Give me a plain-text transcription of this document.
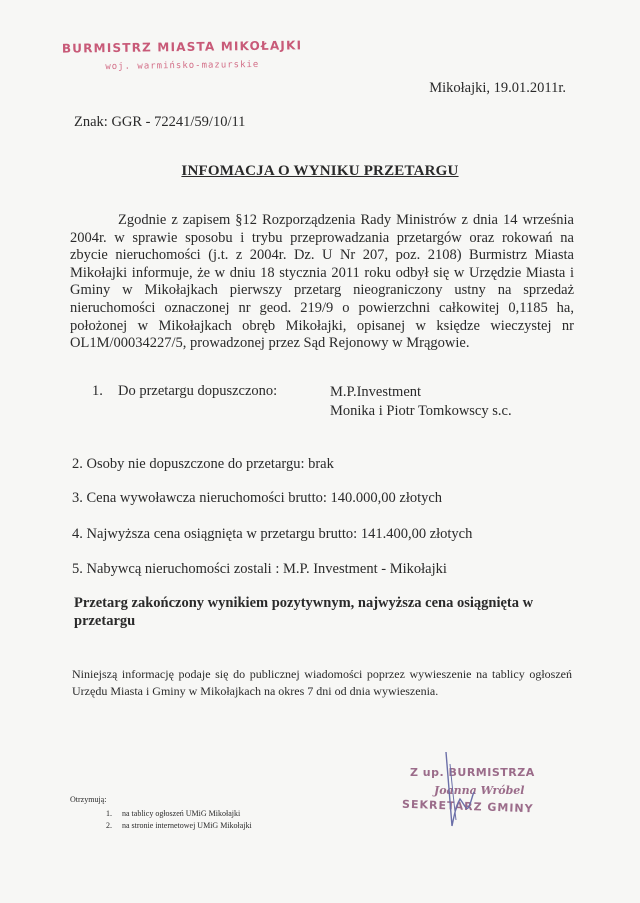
BURMISTRZ MIASTA MIKOŁAJKI
woj. warmińsko-mazurskie
Mikołajki, 19.01.2011r.
Znak: GGR - 72241/59/10/11
INFOMACJA O WYNIKU PRZETARGU
Zgodnie z zapisem §12 Rozporządzenia Rady Ministrów z dnia 14 września 2004r. w sprawie sposobu i trybu przeprowadzania przetargów oraz rokowań na zbycie nieruchomości (j.t. z 2004r. Dz. U Nr 207, poz. 2108) Burmistrz Miasta Mikołajki informuje, że w dniu 18 stycznia 2011 roku odbył się w Urzędzie Miasta i Gminy w Mikołajkach pierwszy przetarg nieograniczony ustny na sprzedaż nieruchomości oznaczonej nr geod. 219/9 o powierzchni całkowitej 0,1185 ha, położonej w Mikołajkach obręb Mikołajki, opisanej w księdze wieczystej nr OL1M/00034227/5, prowadzonej przez Sąd Rejonowy w Mrągowie.
1. Do przetargu dopuszczono:	M.P.Investment
Monika i Piotr Tomkowscy s.c.
2. Osoby nie dopuszczone do przetargu: brak
3. Cena wywoławcza nieruchomości brutto: 140.000,00 złotych
4. Najwyższa cena osiągnięta w przetargu brutto: 141.400,00 złotych
5. Nabywcą nieruchomości zostali : M.P. Investment - Mikołajki
Przetarg zakończony wynikiem pozytywnym, najwyższa cena osiągnięta w przetargu
Niniejszą informację podaje się do publicznej wiadomości poprzez wywieszenie na tablicy ogłoszeń Urzędu Miasta i Gminy w Mikołajkach na okres 7 dni od dnia wywieszenia.
Otrzymują:
1. na tablicy ogłoszeń UMiG Mikołajki
2. na stronie internetowej UMiG Mikołajki
Z up. BURMISTRZA
Joanna Wróbel
SEKRETARZ GMINY
